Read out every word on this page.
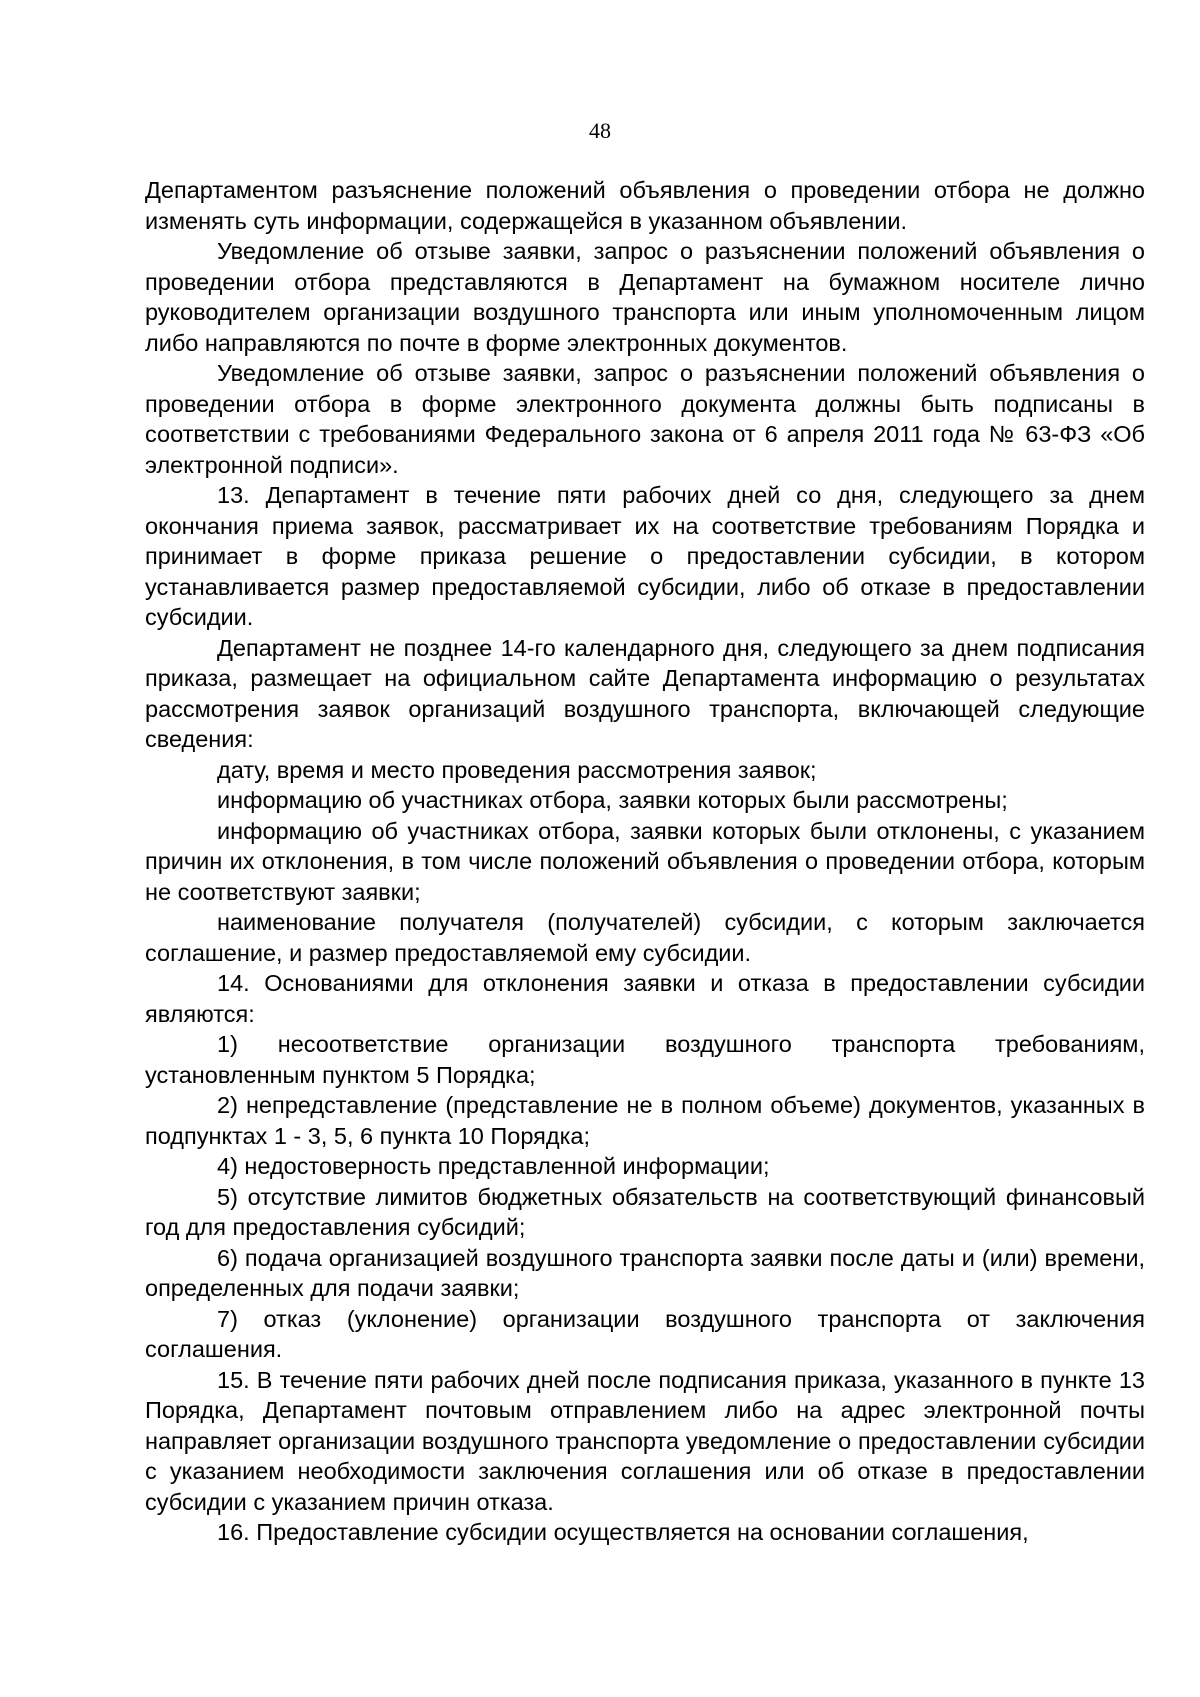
48

Департаментом разъяснение положений объявления о проведении отбора не должно изменять суть информации, содержащейся в указанном объявлении.

Уведомление об отзыве заявки, запрос о разъяснении положений объявления о проведении отбора представляются в Департамент на бумажном носителе лично руководителем организации воздушного транспорта или иным уполномоченным лицом либо направляются по почте в форме электронных документов.

Уведомление об отзыве заявки, запрос о разъяснении положений объявления о проведении отбора в форме электронного документа должны быть подписаны в соответствии с требованиями Федерального закона от 6 апреля 2011 года № 63-ФЗ «Об электронной подписи».

13. Департамент в течение пяти рабочих дней со дня, следующего за днем окончания приема заявок, рассматривает их на соответствие требованиям Порядка и принимает в форме приказа решение о предоставлении субсидии, в котором устанавливается размер предоставляемой субсидии, либо об отказе в предоставлении субсидии.

Департамент не позднее 14-го календарного дня, следующего за днем подписания приказа, размещает на официальном сайте Департамента информацию о результатах рассмотрения заявок организаций воздушного транспорта, включающей следующие сведения:

дату, время и место проведения рассмотрения заявок;

информацию об участниках отбора, заявки которых были рассмотрены;

информацию об участниках отбора, заявки которых были отклонены, с указанием причин их отклонения, в том числе положений объявления о проведении отбора, которым не соответствуют заявки;

наименование получателя (получателей) субсидии, с которым заключается соглашение, и размер предоставляемой ему субсидии.

14. Основаниями для отклонения заявки и отказа в предоставлении субсидии являются:

1) несоответствие организации воздушного транспорта требованиям, установленным пунктом 5 Порядка;

2) непредставление (представление не в полном объеме) документов, указанных в подпунктах 1 - 3, 5, 6 пункта 10 Порядка;

4) недостоверность представленной информации;

5) отсутствие лимитов бюджетных обязательств на соответствующий финансовый год для предоставления субсидий;

6) подача организацией воздушного транспорта заявки после даты и (или) времени, определенных для подачи заявки;

7) отказ (уклонение) организации воздушного транспорта от заключения соглашения.

15. В течение пяти рабочих дней после подписания приказа, указанного в пункте 13 Порядка, Департамент почтовым отправлением либо на адрес электронной почты направляет организации воздушного транспорта уведомление о предоставлении субсидии с указанием необходимости заключения соглашения или об отказе в предоставлении субсидии с указанием причин отказа.

16. Предоставление субсидии осуществляется на основании соглашения,
